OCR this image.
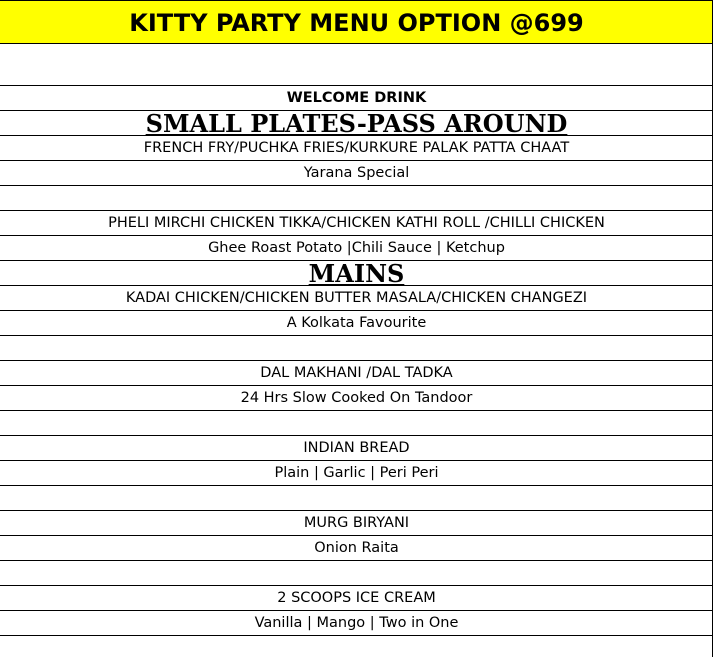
KITTY PARTY MENU OPTION @699
WELCOME DRINK
SMALL PLATES-PASS AROUND
FRENCH FRY/PUCHKA FRIES/KURKURE PALAK PATTA CHAAT
Yarana Special
PHELI MIRCHI CHICKEN TIKKA/CHICKEN KATHI ROLL /CHILLI CHICKEN
Ghee Roast Potato |Chili Sauce | Ketchup
MAINS
KADAI CHICKEN/CHICKEN BUTTER MASALA/CHICKEN CHANGEZI
A Kolkata Favourite
DAL MAKHANI /DAL TADKA
24 Hrs Slow Cooked On Tandoor
INDIAN BREAD
Plain | Garlic | Peri Peri
MURG BIRYANI
Onion Raita
2 SCOOPS ICE CREAM
Vanilla | Mango | Two in One
